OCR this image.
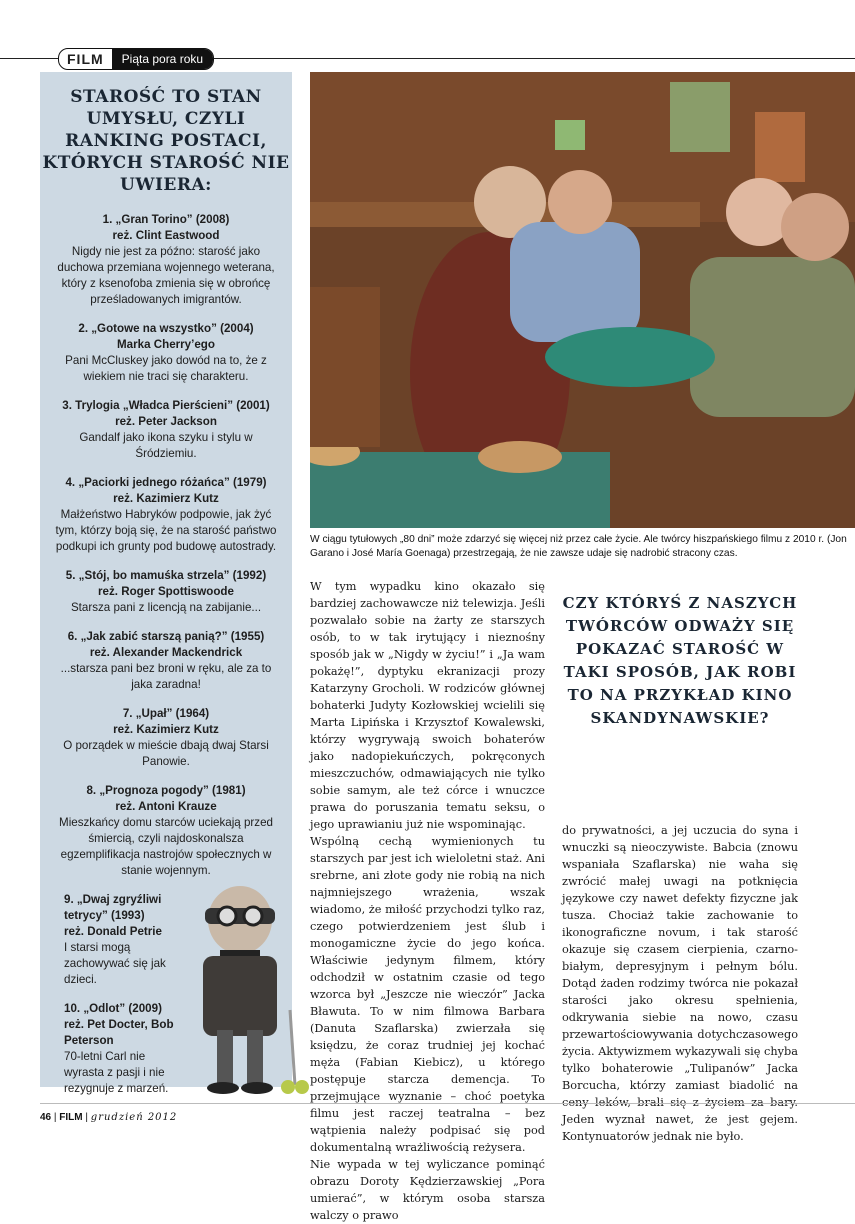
FILM	Piąta pora roku
STAROŚĆ TO STAN UMYSŁU, CZYLI RANKING POSTACI, KTÓRYCH STAROŚĆ NIE UWIERA:
1. „Gran Torino” (2008)
reż. Clint Eastwood
Nigdy nie jest za późno: starość jako duchowa przemiana wojennego weterana, który z ksenofoba zmienia się w obrońcę prześladowanych imigrantów.
2. „Gotowe na wszystko” (2004)
Marka Cherry’ego
Pani McCluskey jako dowód na to, że z wiekiem nie traci się charakteru.
3. Trylogia „Władca Pierścieni” (2001)
reż. Peter Jackson
Gandalf jako ikona szyku i stylu w Śródziemiu.
4. „Paciorki jednego różańca” (1979)
reż. Kazimierz Kutz
Małżeństwo Habryków podpowie, jak żyć tym, którzy boją się, że na starość państwo podkupi ich grunty pod budowę autostrady.
5. „Stój, bo mamuśka strzela” (1992)
reż. Roger Spottiswoode
Starsza pani z licencją na zabijanie...
6. „Jak zabić starszą panią?” (1955)
reż. Alexander Mackendrick
...starsza pani bez broni w ręku, ale za to jaka zaradna!
7. „Upał” (1964)
reż. Kazimierz Kutz
O porządek w mieście dbają dwaj Starsi Panowie.
8. „Prognoza pogody” (1981)
reż. Antoni Krauze
Mieszkańcy domu starców uciekają przed śmiercią, czyli najdoskonalsza egzemplifikacja nastrojów społecznych w stanie wojennym.
9. „Dwaj zgryźliwi tetrycy” (1993)
reż. Donald Petrie
I starsi mogą zachowywać się jak dzieci.
10. „Odlot” (2009)
reż. Pet Docter, Bob Peterson
70-letni Carl nie wyrasta z pasji i nie rezygnuje z marzeń.
W ciągu tytułowych „80 dni” może zdarzyć się więcej niż przez całe życie. Ale twórcy hiszpańskiego filmu z 2010 r. (Jon Garano i José María Goenaga) przestrzegają, że nie zawsze udaje się nadrobić stracony czas.

W tym wypadku kino okazało się bardziej zachowawcze niż telewizja. Jeśli pozwalało sobie na żarty ze starszych osób, to w tak irytujący i nieznośny sposób jak w „Nigdy w życiu!” i „Ja wam pokażę!”, dyptyku ekranizacji prozy Katarzyny Grocholi. W rodziców głównej bohaterki Judyty Kozłowskiej wcielili się Marta Lipińska i Krzysztof Kowalewski, którzy wygrywają swoich bohaterów jako nadopiekuńczych, pokręconych mieszczuchów, odmawiających nie tylko sobie samym, ale też córce i wnuczce prawa do poruszania tematu seksu, o jego uprawianiu już nie wspominając.

Wspólną cechą wymienionych tu starszych par jest ich wieloletni staż. Ani srebrne, ani złote gody nie robią na nich najmniejszego wrażenia, wszak wiadomo, że miłość przychodzi tylko raz, czego potwierdzeniem jest ślub i monogamiczne życie do jego końca. Właściwie jedynym filmem, który odchodził w ostatnim czasie od tego wzorca był „Jeszcze nie wieczór” Jacka Bławuta. To w nim filmowa Barbara (Danuta Szaflarska) zwierzała się księdzu, że coraz trudniej jej kochać męża (Fabian Kiebicz), u którego postępuje starcza demencja. To przejmujące wyznanie – choć poetyka filmu jest raczej teatralna – bez wątpienia należy podpisać się pod dokumentalną wrażliwością reżysera.

Nie wypada w tej wyliczance pominąć obrazu Doroty Kędzierzawskiej „Pora umierać”, w którym osoba starsza walczy o prawo

CZY KTÓRYŚ Z NASZYCH TWÓRCÓW ODWAŻY SIĘ POKAZAĆ STAROŚĆ W TAKI SPOSÓB, JAK ROBI TO NA PRZYKŁAD KINO SKANDYNAWSKIE?

do prywatności, a jej uczucia do syna i wnuczki są nieoczywiste. Babcia (znowu wspaniała Szaflarska) nie waha się zwrócić małej uwagi na potknięcia językowe czy nawet defekty fizyczne jak tusza. Chociaż takie zachowanie to ikonograficzne novum, i tak starość okazuje się czasem cierpienia, czarno-białym, depresyjnym i pełnym bólu. Dotąd żaden rodzimy twórca nie pokazał starości jako okresu spełnienia, odkrywania siebie na nowo, czasu przewartościowywania dotychczasowego życia. Aktywizmem wykazywali się chyba tylko bohaterowie „Tulipanów” Jacka Borcucha, którzy zamiast biadolić na ceny leków, brali się z życiem za bary. Jeden wyznał nawet, że jest gejem. Kontynuatorów jednak nie było.

46 | FILM | grudzień 2012
